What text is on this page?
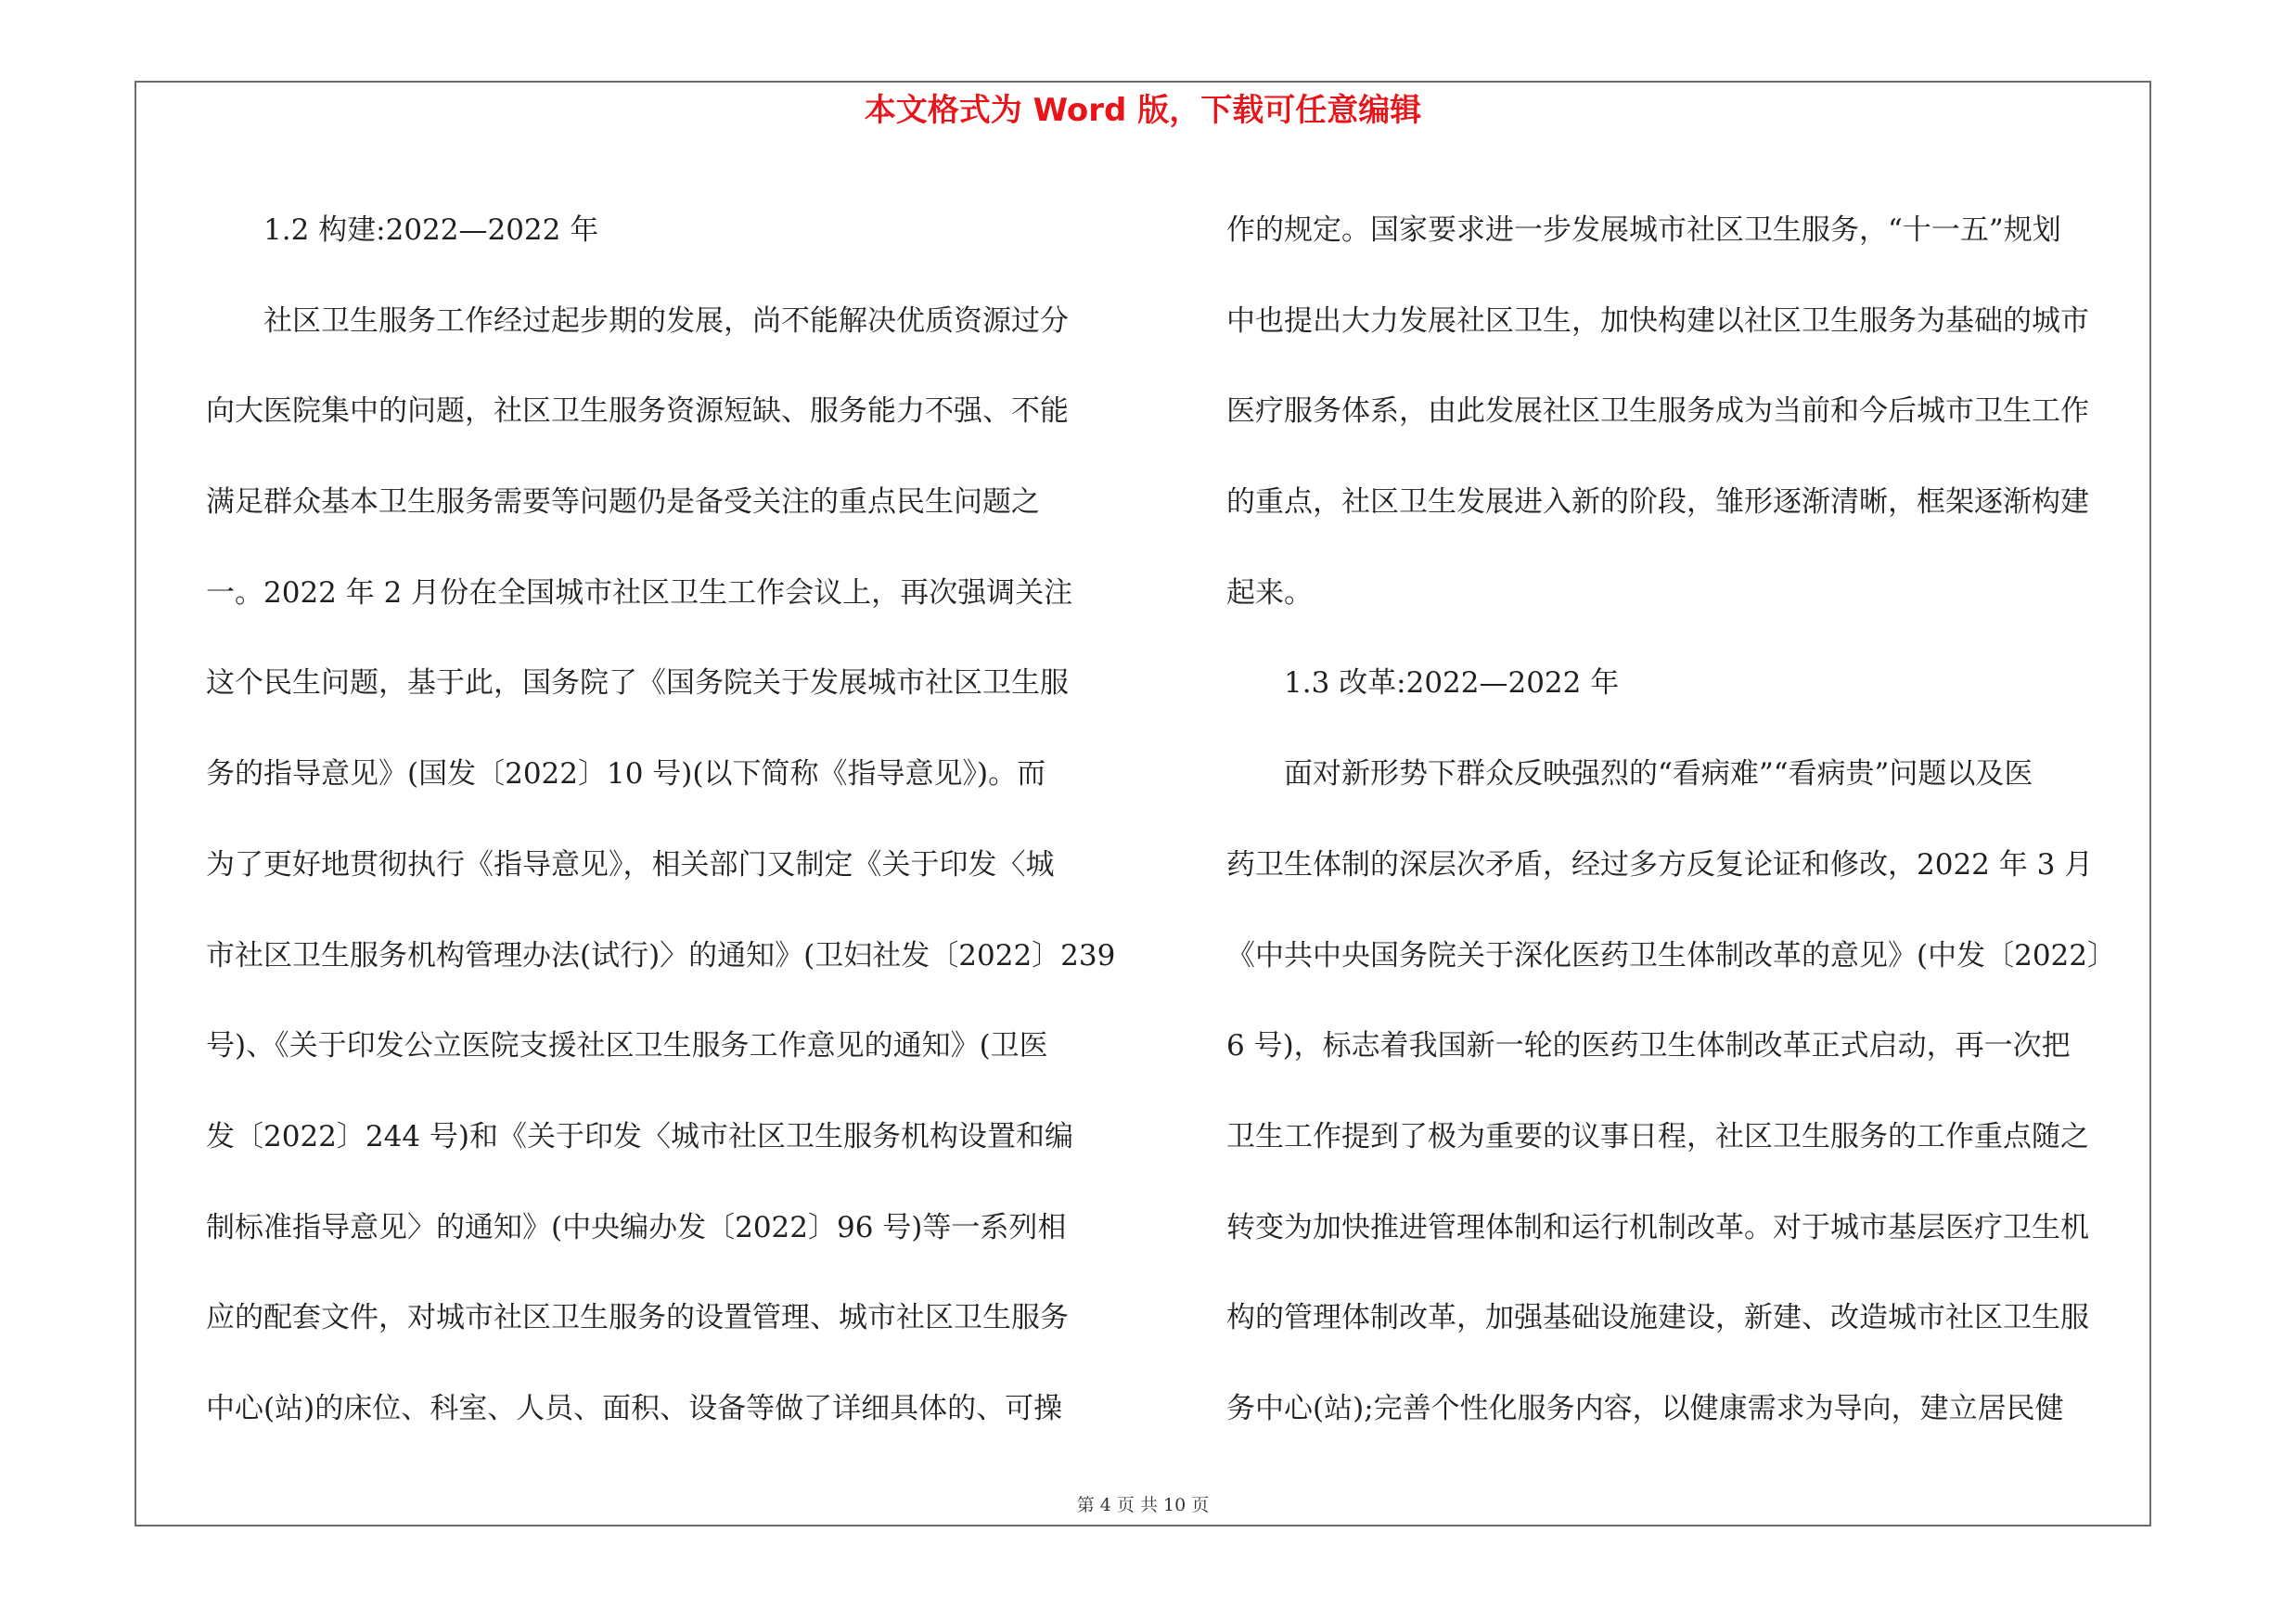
本文格式为 Word 版，下载可任意编辑
　　1.2 构建:2022—2022 年
　　社区卫生服务工作经过起步期的发展，尚不能解决优质资源过分
向大医院集中的问题，社区卫生服务资源短缺、服务能力不强、不能
满足群众基本卫生服务需要等问题仍是备受关注的重点民生问题之
一。2022 年 2 月份在全国城市社区卫生工作会议上，再次强调关注
这个民生问题，基于此，国务院了《国务院关于发展城市社区卫生服
务的指导意见》(国发〔2022〕10 号)(以下简称《指导意见》)。而
为了更好地贯彻执行《指导意见》，相关部门又制定《关于印发〈城
市社区卫生服务机构管理办法(试行)〉的通知》(卫妇社发〔2022〕239
号)、《关于印发公立医院支援社区卫生服务工作意见的通知》(卫医
发〔2022〕244 号)和《关于印发〈城市社区卫生服务机构设置和编
制标准指导意见〉的通知》(中央编办发〔2022〕96 号)等一系列相
应的配套文件，对城市社区卫生服务的设置管理、城市社区卫生服务
中心(站)的床位、科室、人员、面积、设备等做了详细具体的、可操
作的规定。国家要求进一步发展城市社区卫生服务，“十一五”规划
中也提出大力发展社区卫生，加快构建以社区卫生服务为基础的城市
医疗服务体系，由此发展社区卫生服务成为当前和今后城市卫生工作
的重点，社区卫生发展进入新的阶段，雏形逐渐清晰，框架逐渐构建
起来。
　　1.3 改革:2022—2022 年
　　面对新形势下群众反映强烈的“看病难”“看病贵”问题以及医
药卫生体制的深层次矛盾，经过多方反复论证和修改，2022 年 3 月
《中共中央国务院关于深化医药卫生体制改革的意见》(中发〔2022〕
6 号)，标志着我国新一轮的医药卫生体制改革正式启动，再一次把
卫生工作提到了极为重要的议事日程，社区卫生服务的工作重点随之
转变为加快推进管理体制和运行机制改革。对于城市基层医疗卫生机
构的管理体制改革，加强基础设施建设，新建、改造城市社区卫生服
务中心(站);完善个性化服务内容，以健康需求为导向，建立居民健
第 4 页 共 10 页
